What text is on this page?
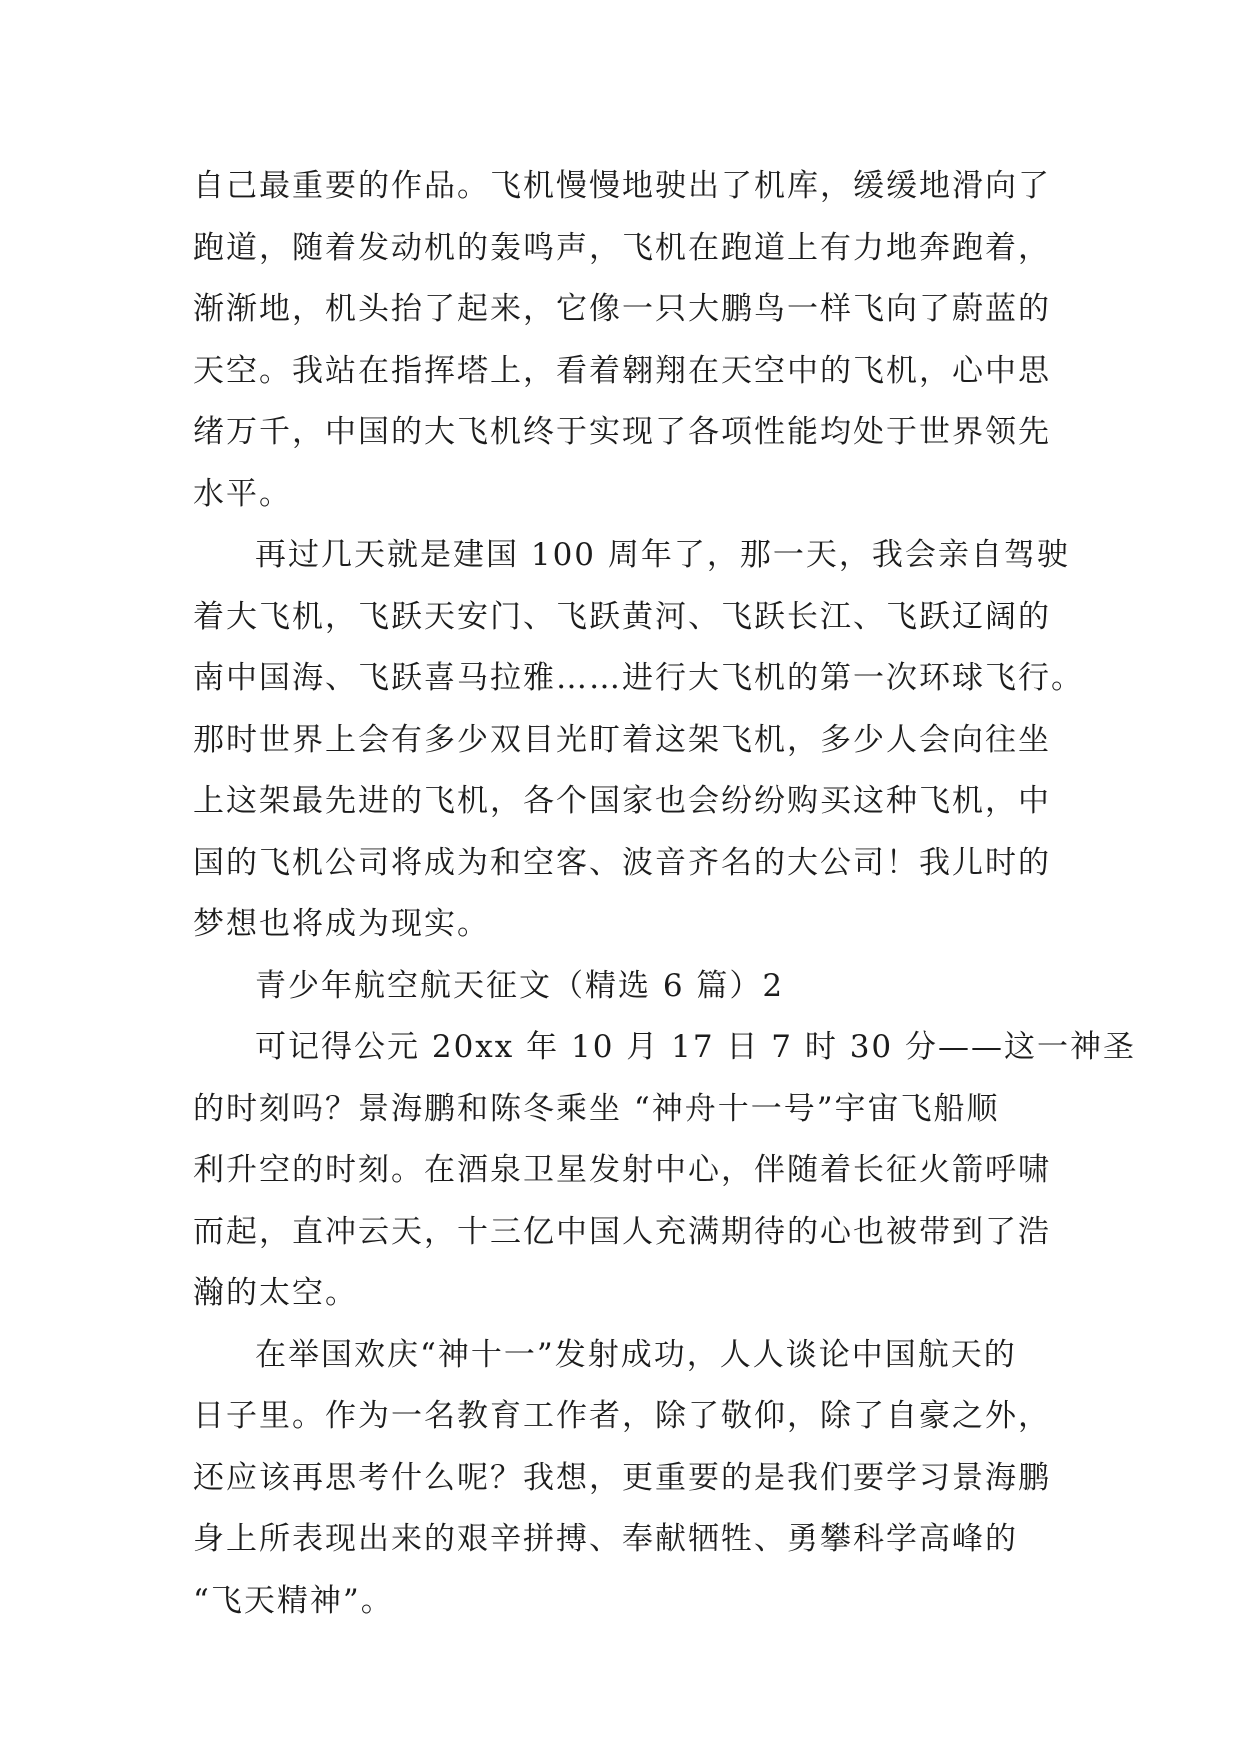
自己最重要的作品。飞机慢慢地驶出了机库，缓缓地滑向了
跑道，随着发动机的轰鸣声，飞机在跑道上有力地奔跑着，
渐渐地，机头抬了起来，它像一只大鹏鸟一样飞向了蔚蓝的
天空。我站在指挥塔上，看着翱翔在天空中的飞机，心中思
绪万千，中国的大飞机终于实现了各项性能均处于世界领先
水平。
再过几天就是建国 100 周年了，那一天，我会亲自驾驶
着大飞机，飞跃天安门、飞跃黄河、飞跃长江、飞跃辽阔的
南中国海、飞跃喜马拉雅……进行大飞机的第一次环球飞行。
那时世界上会有多少双目光盯着这架飞机，多少人会向往坐
上这架最先进的飞机，各个国家也会纷纷购买这种飞机，中
国的飞机公司将成为和空客、波音齐名的大公司！我儿时的
梦想也将成为现实。
青少年航空航天征文（精选 6 篇）2
可记得公元 20xx 年 10 月 17 日 7 时 30 分——这一神圣
的时刻吗？景海鹏和陈冬乘坐 “神舟十一号”宇宙飞船顺
利升空的时刻。在酒泉卫星发射中心，伴随着长征火箭呼啸
而起，直冲云天，十三亿中国人充满期待的心也被带到了浩
瀚的太空。
在举国欢庆“神十一”发射成功，人人谈论中国航天的
日子里。作为一名教育工作者，除了敬仰，除了自豪之外，
还应该再思考什么呢？我想，更重要的是我们要学习景海鹏
身上所表现出来的艰辛拼搏、奉献牺牲、勇攀科学高峰的
“飞天精神”。
